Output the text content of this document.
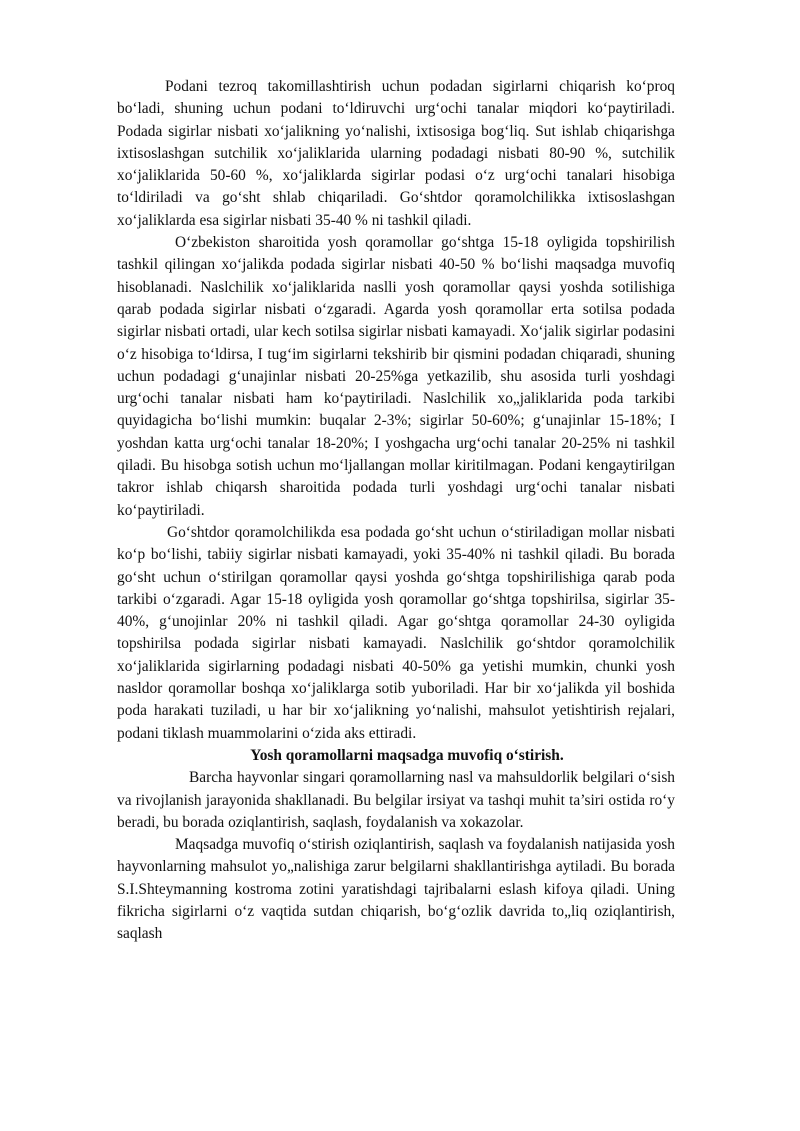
Podani tezroq takomillashtirish uchun podadan sigirlarni chiqarish ko‘proq bo‘ladi, shuning uchun podani to‘ldiruvchi urg‘ochi tanalar miqdori ko‘paytiriladi. Podada sigirlar nisbati xo‘jalikning yo‘nalishi, ixtisosiga bog‘liq. Sut ishlab chiqarishga ixtisoslashgan sutchilik xo‘jaliklarida ularning podadagi nisbati 80-90 %, sutchilik xo‘jaliklarida 50-60 %, xo‘jaliklarda sigirlar podasi o‘z urg‘ochi tanalari hisobiga to‘ldiriladi va go‘sht shlab chiqariladi. Go‘shtdor qoramolchilikka ixtisoslashgan xo‘jaliklarda esa sigirlar nisbati 35-40 % ni tashkil qiladi.

O‘zbekiston sharoitida yosh qoramollar go‘shtga 15-18 oyligida topshirilish tashkil qilingan xo‘jalikda podada sigirlar nisbati 40-50 % bo‘lishi maqsadga muvofiq hisoblanadi. Naslchilik xo‘jaliklarida naslli yosh qoramollar qaysi yoshda sotilishiga qarab podada sigirlar nisbati o‘zgaradi. Agarda yosh qoramollar erta sotilsa podada sigirlar nisbati ortadi, ular kech sotilsa sigirlar nisbati kamayadi. Xo‘jalik sigirlar podasini o‘z hisobiga to‘ldirsa, I tug‘im sigirlarni tekshirib bir qismini podadan chiqaradi, shuning uchun podadagi g‘unajinlar nisbati 20-25%ga yetkazilib, shu asosida turli yoshdagi urg‘ochi tanalar nisbati ham ko‘paytiriladi. Naslchilik xo„jaliklarida poda tarkibi quyidagicha bo‘lishi mumkin: buqalar 2-3%; sigirlar 50-60%; g‘unajinlar 15-18%; I yoshdan katta urg‘ochi tanalar 18-20%; I yoshgacha urg‘ochi tanalar 20-25% ni tashkil qiladi. Bu hisobga sotish uchun mo‘ljallangan mollar kiritilmagan. Podani kengaytirilgan takror ishlab chiqarsh sharoitida podada turli yoshdagi urg‘ochi tanalar nisbati ko‘paytiriladi.

Go‘shtdor qoramolchilikda esa podada go‘sht uchun o‘stiriladigan mollar nisbati ko‘p bo‘lishi, tabiiy sigirlar nisbati kamayadi, yoki 35-40% ni tashkil qiladi. Bu borada go‘sht uchun o‘stirilgan qoramollar qaysi yoshda go‘shtga topshirilishiga qarab poda tarkibi o‘zgaradi. Agar 15-18 oyligida yosh qoramollar go‘shtga topshirilsa, sigirlar 35-40%, g‘unojinlar 20% ni tashkil qiladi. Agar go‘shtga qoramollar 24-30 oyligida topshirilsa podada sigirlar nisbati kamayadi. Naslchilik go‘shtdor qoramolchilik xo‘jaliklarida sigirlarning podadagi nisbati 40-50% ga yetishi mumkin, chunki yosh nasldor qoramollar boshqa xo‘jaliklarga sotib yuboriladi. Har bir xo‘jalikda yil boshida poda harakati tuziladi, u har bir xo‘jalikning yo‘nalishi, mahsulot yetishtirish rejalari, podani tiklash muammolarini o‘zida aks ettiradi.

Yosh qoramollarni maqsadga muvofiq o‘stirish.

Barcha hayvonlar singari qoramollarning nasl va mahsuldorlik belgilari o‘sish va rivojlanish jarayonida shakllanadi. Bu belgilar irsiyat va tashqi muhit ta’siri ostida ro‘y beradi, bu borada oziqlantirish, saqlash, foydalanish va xokazolar.

Maqsadga muvofiq o‘stirish oziqlantirish, saqlash va foydalanish natijasida yosh hayvonlarning mahsulot yo„nalishiga zarur belgilarni shakllantirishga aytiladi. Bu borada S.I.Shteymanning kostroma zotini yaratishdagi tajribalarni eslash kifoya qiladi. Uning fikricha sigirlarni o‘z vaqtida sutdan chiqarish, bo‘g‘ozlik davrida to„liq oziqlantirish, saqlash
